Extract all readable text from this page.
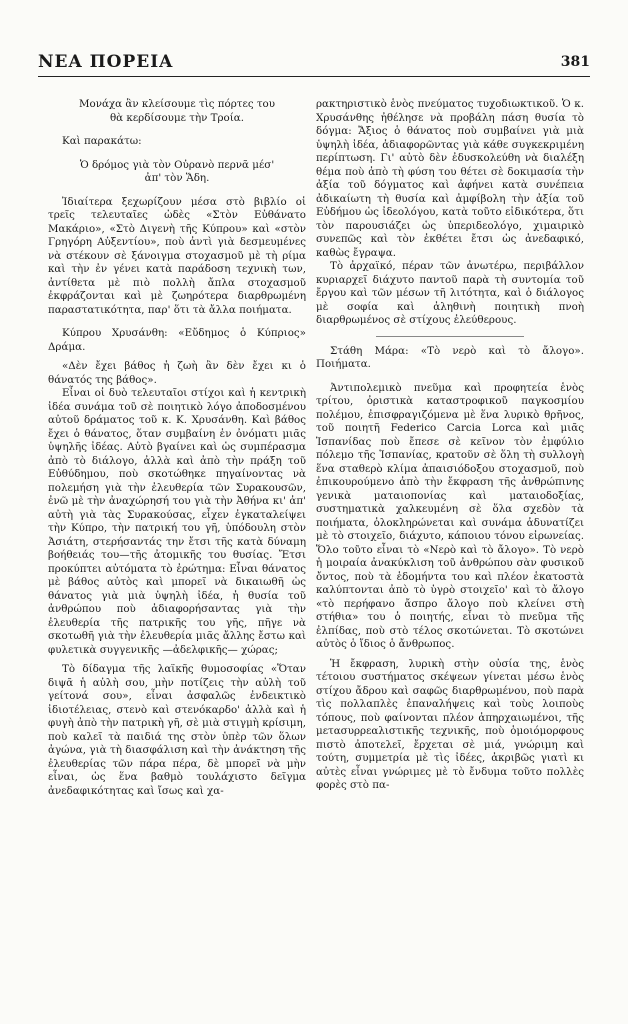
ΝΕΑ ΠΟΡΕΙΑ	381

Μονάχα ἂν κλείσουμε τὶς πόρτες του

θὰ κερδίσουμε τὴν Τροία.

Καὶ παρακάτω:

Ὁ δρόμος γιὰ τὸν Οὐρανὸ περνᾶ μέσ'

ἀπ' τὸν Ἅδη.

Ἰδιαίτερα ξεχωρίζουν μέσα στὸ βιβλίο οἱ τρεῖς τελευταῖες ὠδὲς «Στὸν Εὐθάνατο Μακάριο», «Στὸ Διγενὴ τῆς Κύπρου» καὶ «στὸν Γρηγόρη Αὐξεντίου», ποὺ ἀντὶ γιὰ δεσμευμένες νὰ στέκουν σὲ ξάνοιγμα στοχασμοῦ μὲ τὴ ρίμα καὶ τὴν ἐν γένει κατὰ παράδοση τεχνικὴ των, ἀντίθετα μὲ πιὸ πολλὴ ἄπλα στοχασμοῦ ἐκφράζονται καὶ μὲ ζωηρότερα διαρθρωμένη παραστατικότητα, παρ' ὅτι τὰ ἄλλα ποιήματα.

Κύπρου Χρυσάνθη: «Εὔδημος ὁ Κύπριος» Δράμα.

«Δὲν ἔχει βάθος ἡ ζωὴ ἂν δὲν ἔχει κι ὁ θάνατός της βάθος».

Εἶναι οἱ δυὸ τελευταῖοι στίχοι καὶ ἡ κεντρικὴ ἰδέα συνάμα τοῦ σὲ ποιητικὸ λόγο ἀποδοσμένου αὐτοῦ δράματος τοῦ κ. Κ. Χρυσάνθη. Καὶ βάθος ἔχει ὁ θάνατος, ὅταν συμβαίνη ἐν ὀνόματι μιᾶς ὑψηλῆς ἰδέας. Αὐτὸ βγαίνει καὶ ὡς συμπέρασμα ἀπὸ τὸ διάλογο, ἀλλὰ καὶ ἀπὸ τὴν πράξη τοῦ Εὐθύδημου, ποὺ σκοτώθηκε πηγαίνοντας νὰ πολεμήση γιὰ τὴν ἐλευθερία τῶν Συρακουσῶν, ἐνῶ μὲ τὴν ἀναχώρησή του γιὰ τὴν Ἀθήνα κι' ἀπ' αὐτὴ γιὰ τὰς Συρακούσας, εἶχεν ἐγκαταλείψει τὴν Κύπρο, τὴν πατρική του γῆ, ὑπόδουλη στὸν Ἀσιάτη, στερήσαντάς την ἔτσι τῆς κατὰ δύναμη βοήθειάς του—τῆς ἀτομικῆς του θυσίας. Ἔτσι προκύπτει αὐτόματα τὸ ἐρώτημα: Εἶναι θάνατος μὲ βάθος αὐτὸς καὶ μπορεῖ νὰ δικαιωθῆ ὡς θάνατος γιὰ μιὰ ὑψηλὴ ἰδέα, ἡ θυσία τοῦ ἀνθρώπου ποὺ ἀδιαφορήσαντας γιὰ τὴν ἐλευθερία τῆς πατρικῆς του γῆς, πῆγε νὰ σκοτωθῆ γιὰ τὴν ἐλευθερία μιᾶς ἄλλης ἔστω καὶ φυλετικὰ συγγενικῆς —ἀδελφικῆς— χώρας;

Τὸ δίδαγμα τῆς λαϊκῆς θυμοσοφίας «Ὅταν διψᾶ ἡ αὐλὴ σου, μὴν ποτίζεις τὴν αὐλὴ τοῦ γείτονά σου», εἶναι ἀσφαλῶς ἐνδεικτικὸ ἰδιοτέλειας, στενὸ καὶ στενόκαρδο' ἀλλὰ καὶ ἡ φυγὴ ἀπὸ τὴν πατρικὴ γῆ, σὲ μιὰ στιγμὴ κρίσιμη, ποὺ καλεῖ τὰ παιδιά της στὸν ὑπὲρ τῶν ὅλων ἀγώνα, γιὰ τὴ διασφάλιση καὶ τὴν ἀνάκτηση τῆς ἐλευθερίας τῶν πάρα πέρα, δὲ μπορεῖ νὰ μὴν εἶναι, ὡς ἕνα βαθμὸ τουλάχιστο δεῖγμα ἀνεδαφικότητας καὶ ἴσως καὶ χα-

ρακτηριστικὸ ἑνὸς πνεύματος τυχοδιωκτικοῦ. Ὁ κ. Χρυσάνθης ἠθέλησε νὰ προβάλη πάση θυσία τὸ δόγμα: Ἄξιος ὁ θάνατος ποὺ συμβαίνει γιὰ μιὰ ὑψηλὴ ἰδέα, ἀδιαφορῶντας γιὰ κάθε συγκεκριμένη περίπτωση. Γι' αὐτὸ δὲν ἐδυσκολεύθη νὰ διαλέξη θέμα ποὺ ἀπὸ τὴ φύση του θέτει σὲ δοκιμασία τὴν ἀξία τοῦ δόγματος καὶ ἀφήνει κατὰ συνέπεια ἀδικαίωτη τὴ θυσία καὶ ἀμφίβολη τὴν ἀξία τοῦ Εὐδήμου ὡς ἰδεολόγου, κατὰ τοῦτο εἰδικότερα, ὅτι τὸν παρουσιάζει ὡς ὑπεριδεολόγο, χιμαιρικὸ συνεπῶς καὶ τὸν ἐκθέτει ἔτσι ὡς ἀνεδαφικό, καθὼς ἔγραψα.

Τὸ ἀρχαϊκό, πέραν τῶν ἀνωτέρω, περιβάλλον κυριαρχεῖ διάχυτο παντοῦ παρὰ τὴ συντομία τοῦ ἔργου καὶ τῶν μέσων τῆ λιτότητα, καὶ ὁ διάλογος μὲ σοφία καὶ ἀληθινὴ ποιητικὴ πνοὴ διαρθρωμένος σὲ στίχους ἐλεύθερους.

Στάθη Μάρα: «Τὸ νερὸ καὶ τὸ ἄλογο». Ποιήματα.

Ἀντιπολεμικὸ πνεῦμα καὶ προφητεία ἑνὸς τρίτου, ὀριστικὰ καταστροφικοῦ παγκοσμίου πολέμου, ἐπισφραγιζόμενα μὲ ἕνα λυρικὸ θρῆνος, τοῦ ποιητῆ Federico Carcia Lorca καὶ μιᾶς Ἱσπανίδας ποὺ ἔπεσε σὲ κεῖνον τὸν ἐμφύλιο πόλεμο τῆς Ἱσπανίας, κρατοῦν σὲ ὅλη τὴ συλλογὴ ἕνα σταθερὸ κλίμα ἀπαισιόδοξου στοχασμοῦ, ποὺ ἐπικουρούμενο ἀπὸ τὴν ἔκφραση τῆς ἀνθρώπινης γενικὰ ματαιοπονίας καὶ ματαιοδοξίας, συστηματικὰ χαλκευμένη σὲ ὅλα σχεδὸν τὰ ποιήματα, ὁλοκληρώνεται καὶ συνάμα ἀδυνατίζει μὲ τὸ στοιχεῖο, διάχυτο, κάποιου τόνου εἰρωνείας. Ὅλο τοῦτο εἶναι τὸ «Νερὸ καὶ τὸ ἄλογο». Τὸ νερὸ ἡ μοιραία ἀνακύκλιση τοῦ ἀνθρώπου σὰν φυσικοῦ ὄντος, ποὺ τὰ ἑδομήντα του καὶ πλέον ἑκατοστὰ καλύπτονται ἀπὸ τὸ ὑγρὸ στοιχεῖο' καὶ τὸ ἄλογο «τὸ περήφανο ἄσπρο ἄλογο ποὺ κλείνει στὴ στήθια» του ὁ ποιητής, εἶναι τὸ πνεῦμα τῆς ἐλπίδας, ποὺ στὸ τέλος σκοτώνεται. Τὸ σκοτώνει αὐτὸς ὁ ἴδιος ὁ ἄνθρωπος.

Ἡ ἔκφραση, λυρικὴ στὴν οὐσία της, ἑνὸς τέτοιου συστήματος σκέψεων γίνεται μέσω ἑνὸς στίχου ἄδρου καὶ σαφῶς διαρθρωμένου, ποὺ παρὰ τὶς πολλαπλὲς ἐπαναλήψεις καὶ τοὺς λοιποὺς τόπους, ποὺ φαίνονται πλέον ἀπηρχαιωμένοι, τῆς μετασυρρεαλιστικῆς τεχνικῆς, ποὺ ὁμοιόμορφους πιστὸ ἀποτελεῖ, ἔρχεται σὲ μιά, γνώριμη καὶ τούτη, συμμετρία μὲ τὶς ἰδέες, ἀκριβῶς γιατὶ κι αὐτὲς εἶναι γνώριμες μὲ τὸ ἔνδυμα τοῦτο πολλὲς φορὲς στὸ πα-
